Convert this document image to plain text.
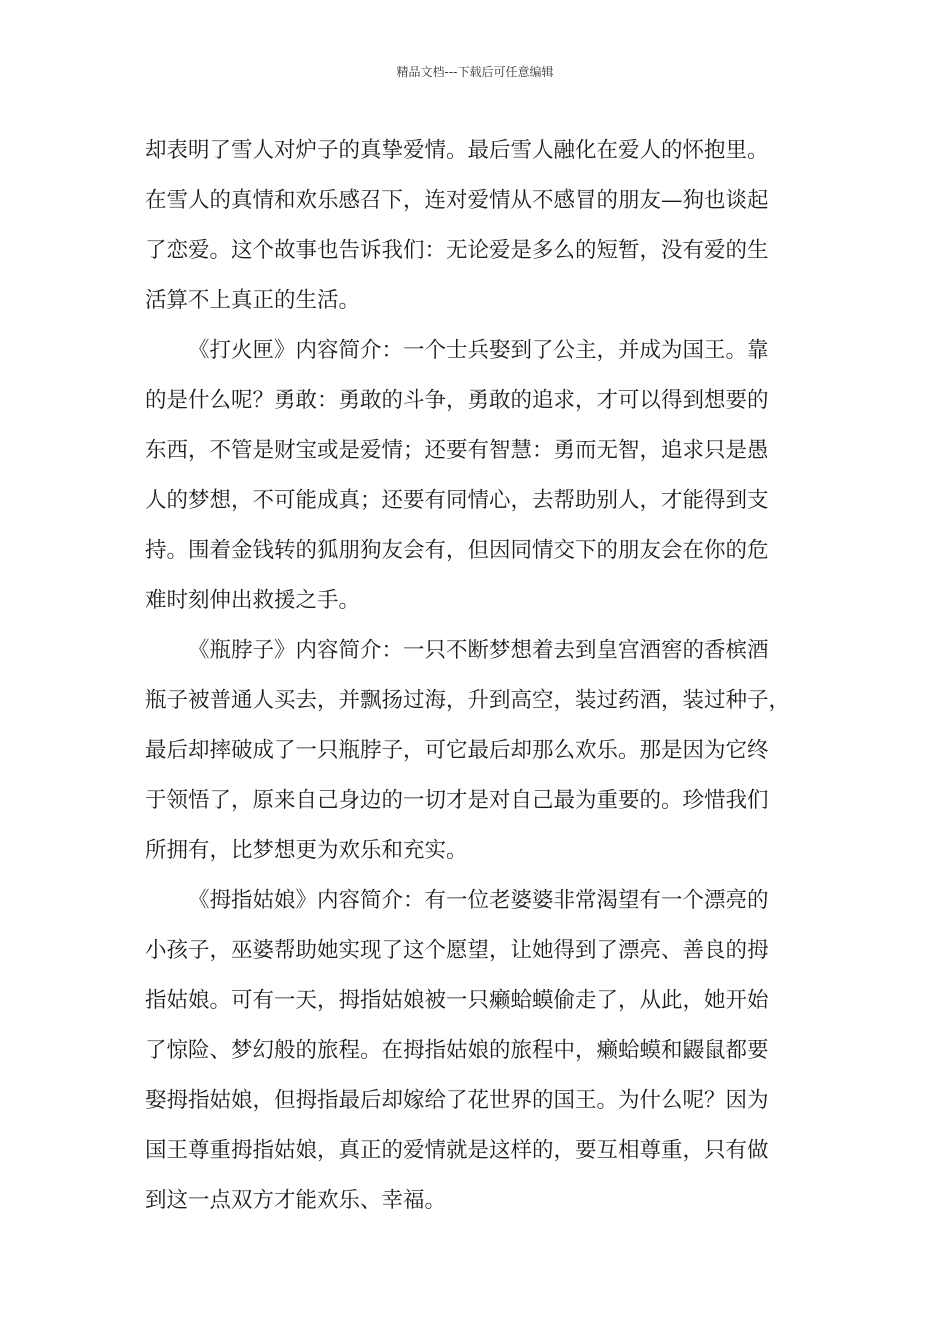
精品文档---下载后可任意编辑
却表明了雪人对炉子的真挚爱情。最后雪人融化在爱人的怀抱里。
在雪人的真情和欢乐感召下，连对爱情从不感冒的朋友—狗也谈起
了恋爱。这个故事也告诉我们：无论爱是多么的短暂，没有爱的生
活算不上真正的生活。
《打火匣》内容简介：一个士兵娶到了公主，并成为国王。靠
的是什么呢？勇敢：勇敢的斗争，勇敢的追求，才可以得到想要的
东西，不管是财宝或是爱情；还要有智慧：勇而无智，追求只是愚
人的梦想，不可能成真；还要有同情心，去帮助别人，才能得到支
持。围着金钱转的狐朋狗友会有，但因同情交下的朋友会在你的危
难时刻伸出救援之手。
《瓶脖子》内容简介：一只不断梦想着去到皇宫酒窖的香槟酒
瓶子被普通人买去，并飘扬过海，升到高空，装过药酒，装过种子，
最后却摔破成了一只瓶脖子，可它最后却那么欢乐。那是因为它终
于领悟了，原来自己身边的一切才是对自己最为重要的。珍惜我们
所拥有，比梦想更为欢乐和充实。
《拇指姑娘》内容简介：有一位老婆婆非常渴望有一个漂亮的
小孩子，巫婆帮助她实现了这个愿望，让她得到了漂亮、善良的拇
指姑娘。可有一天，拇指姑娘被一只癞蛤蟆偷走了，从此，她开始
了惊险、梦幻般的旅程。在拇指姑娘的旅程中，癞蛤蟆和鼹鼠都要
娶拇指姑娘，但拇指最后却嫁给了花世界的国王。为什么呢？因为
国王尊重拇指姑娘，真正的爱情就是这样的，要互相尊重，只有做
到这一点双方才能欢乐、幸福。
